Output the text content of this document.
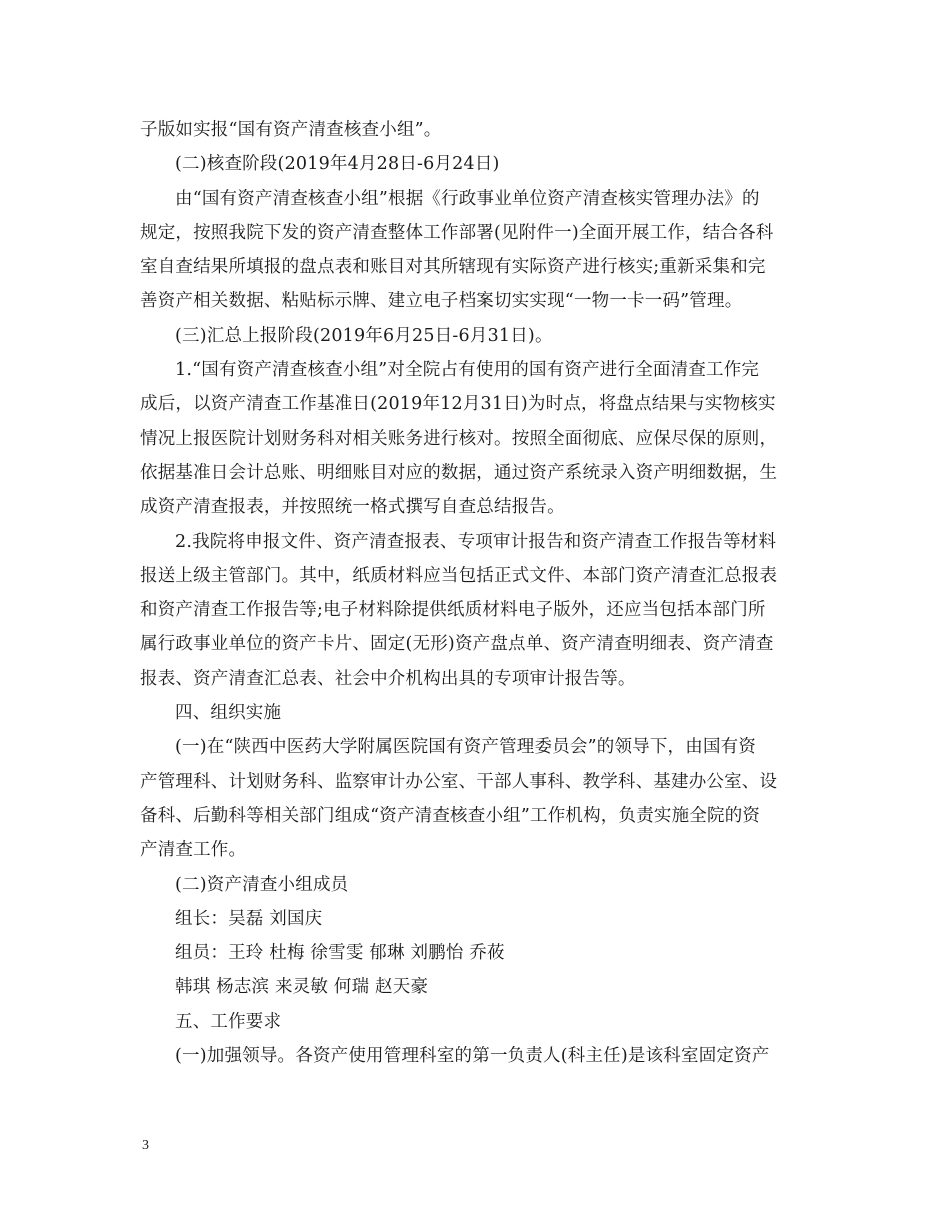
子版如实报“国有资产清查核查小组”。
(二)核查阶段(2019年4月28日-6月24日)
由“国有资产清查核查小组”根据《行政事业单位资产清查核实管理办法》的
规定，按照我院下发的资产清查整体工作部署(见附件一)全面开展工作，结合各科
室自查结果所填报的盘点表和账目对其所辖现有实际资产进行核实;重新采集和完
善资产相关数据、粘贴标示牌、建立电子档案切实实现“一物一卡一码”管理。
(三)汇总上报阶段(2019年6月25日-6月31日)。
1.“国有资产清查核查小组”对全院占有使用的国有资产进行全面清查工作完
成后，以资产清查工作基准日(2019年12月31日)为时点，将盘点结果与实物核实
情况上报医院计划财务科对相关账务进行核对。按照全面彻底、应保尽保的原则，
依据基准日会计总账、明细账目对应的数据，通过资产系统录入资产明细数据，生
成资产清查报表，并按照统一格式撰写自查总结报告。
2.我院将申报文件、资产清查报表、专项审计报告和资产清查工作报告等材料
报送上级主管部门。其中，纸质材料应当包括正式文件、本部门资产清查汇总报表
和资产清查工作报告等;电子材料除提供纸质材料电子版外，还应当包括本部门所
属行政事业单位的资产卡片、固定(无形)资产盘点单、资产清查明细表、资产清查
报表、资产清查汇总表、社会中介机构出具的专项审计报告等。
四、组织实施
(一)在“陕西中医药大学附属医院国有资产管理委员会”的领导下，由国有资
产管理科、计划财务科、监察审计办公室、干部人事科、教学科、基建办公室、设
备科、后勤科等相关部门组成“资产清查核查小组”工作机构，负责实施全院的资
产清查工作。
(二)资产清查小组成员
组长：吴磊 刘国庆
组员：王玲 杜梅 徐雪雯 郁琳 刘鹏怡 乔莜
韩琪 杨志滨 来灵敏 何瑞 赵天豪
五、工作要求
(一)加强领导。各资产使用管理科室的第一负责人(科主任)是该科室固定资产
3
